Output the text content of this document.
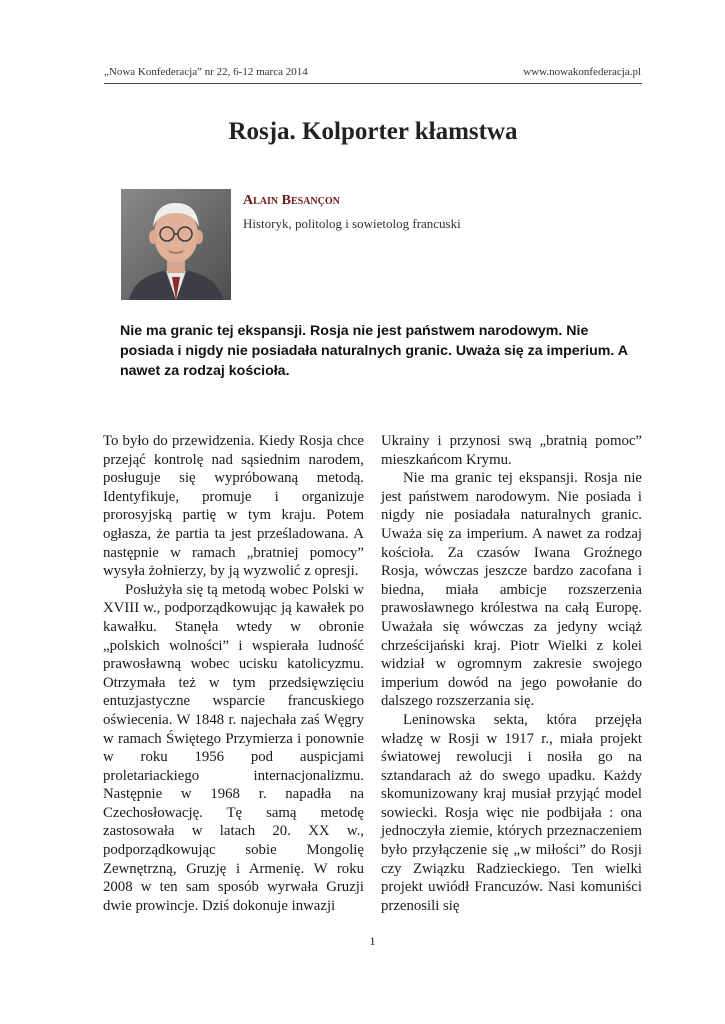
„Nowa Konfederacja” nr 22, 6-12 marca 2014	www.nowakonfederacja.pl
Rosja. Kolporter kłamstwa
Alain Besançon
Historyk, politolog i sowietolog francuski

Nie ma granic tej ekspansji. Rosja nie jest państwem narodowym. Nie posiada i nigdy nie posiadała naturalnych granic. Uważa się za imperium. A nawet za rodzaj kościoła.

To było do przewidzenia. Kiedy Rosja chce przejąć kontrolę nad sąsiednim narodem, posługuje się wypróbowaną metodą. Identyfikuje, promuje i organizuje prorosyjską partię w tym kraju. Potem ogłasza, że partia ta jest prześladowana. A następnie w ramach „bratniej pomocy” wysyła żołnierzy, by ją wyzwolić z opresji.

Posłużyła się tą metodą wobec Polski w XVIII w., podporządkowując ją kawałek po kawałku. Stanęła wtedy w obronie „polskich wolności” i wspierała ludność prawosławną wobec ucisku katolicyzmu. Otrzymała też w tym przedsięwzięciu entuzjastyczne wsparcie francuskiego oświecenia. W 1848 r. najechała zaś Węgry w ramach Świętego Przymierza i ponownie w roku 1956 pod auspicjami proletariackiego internacjonalizmu. Następnie w 1968 r. napadła na Czechosłowację. Tę samą metodę zastosowała w latach 20. XX w., podporządkowując sobie Mongolię Zewnętrzną, Gruzję i Armenię. W roku 2008 w ten sam sposób wyrwała Gruzji dwie prowincje. Dziś dokonuje inwazji

Ukrainy i przynosi swą „bratnią pomoc” mieszkańcom Krymu.

Nie ma granic tej ekspansji. Rosja nie jest państwem narodowym. Nie posiada i nigdy nie posiadała naturalnych granic. Uważa się za imperium. A nawet za rodzaj kościoła. Za czasów Iwana Groźnego Rosja, wówczas jeszcze bardzo zacofana i biedna, miała ambicje rozszerzenia prawosławnego królestwa na całą Europę. Uważała się wówczas za jedyny wciąż chrześcijański kraj. Piotr Wielki z kolei widział w ogromnym zakresie swojego imperium dowód na jego powołanie do dalszego rozszerzania się.

Leninowska sekta, która przejęła władzę w Rosji w 1917 r., miała projekt światowej rewolucji i nosiła go na sztandarach aż do swego upadku. Każdy skomunizowany kraj musiał przyjąć model sowiecki. Rosja więc nie podbijała : ona jednoczyła ziemie, których przeznaczeniem było przyłączenie się „w miłości” do Rosji czy Związku Radzieckiego. Ten wielki projekt uwiódł Francuzów. Nasi komuniści przenosili się

1
